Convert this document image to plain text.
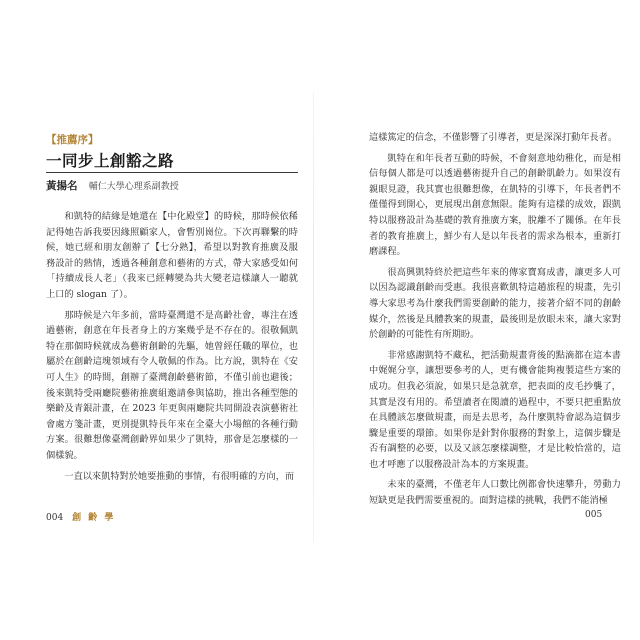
【推薦序】
一同步上創豁之路
黃揚名 輔仁大學心理系副教授

和凱特的結緣是她還在【中化殿堂】的時候，那時候依稀記得她告訴我要因緣照顧家人，會暫別崗位。下次再聯繫的時候，她已經和朋友創辦了【七分熟】，希望以對教育推廣及服務設計的熱情，透過各種創意和藝術的方式，帶大家感受如何「持續成長人老」（我來已經轉變為共大變老這樣讓人一聽就上口的 slogan 了）。

那時候是六年多前，當時臺灣還不是高齡社會，專注在透過藝術，創意在年長者身上的方案幾乎是不存在的。很敬佩凱特在那個時候就成為藝術創齡的先驅，她曾經任職的單位，也屬於在創齡這塊領域有令人敬佩的作為。比方說，凱特在《安可人生》的時間，創辦了臺灣創齡藝術節，不僅引前也避後；後來凱特受兩廳院藝術推廣組邀請參與協助，推出各種型態的樂齡及青銀計畫，在 2023 年更與兩廳院共同開設表演藝術社會處方箋計畫，更別提凱特長年來在全臺大小場館的各種行動方案。很難想像臺灣創齡界如果少了凱特，那會是怎麼樣的一個樣貌。

一直以來凱特對於她要推動的事情，有很明確的方向，而

004 創 齡 學

這樣篤定的信念，不僅影響了引導者，更是深深打動年長者。

凱特在和年長者互動的時候，不會刻意地幼稚化，而是相信每個人都是可以透過藝術提升自己的創齡肌齡力。如果沒有親眼見證，我其實也很難想像，在凱特的引導下，年長者們不僅僅得到開心，更展現出創意無限。能夠有這樣的成效，跟凱特以服務設計為基礎的教育推廣方案，脫離不了關係。在年長者的教育推廣上，鮮少有人是以年長者的需求為根本，重新打磨課程。

很高興凱特終於把這些年來的傳家寶寫成書，讓更多人可以因為認識創齡而受惠。我很喜歡凱特這趟旅程的規畫，先引導大家思考為什麼我們需要創齡的能力，接著介紹不同的創齡媒介，然後是具體教案的規畫，最後則是放眼未來，讓大家對於創齡的可能性有所期盼。

非常感謝凱特不藏私，把活動規畫背後的點滴都在這本書中娓娓分享，讓想要參考的人，更有機會能夠複製這些方案的成功。但我必須說，如果只是急就章，把表面的皮毛抄襲了，其實是沒有用的。希望讀者在閱讀的過程中，不要只把重點放在具體該怎麼做規畫，而是去思考，為什麼凱特會認為這個步驟是重要的環節。如果你是針對你服務的對象上，這個步驟是否有調整的必要，以及又該怎麼樣調整，才是比較恰當的，這也才呼應了以服務設計為本的方案規畫。

未來的臺灣，不僅老年人口數比例都會快速攀升，勞動力短缺更是我們需要重視的。面對這樣的挑戰，我們不能消極

005
